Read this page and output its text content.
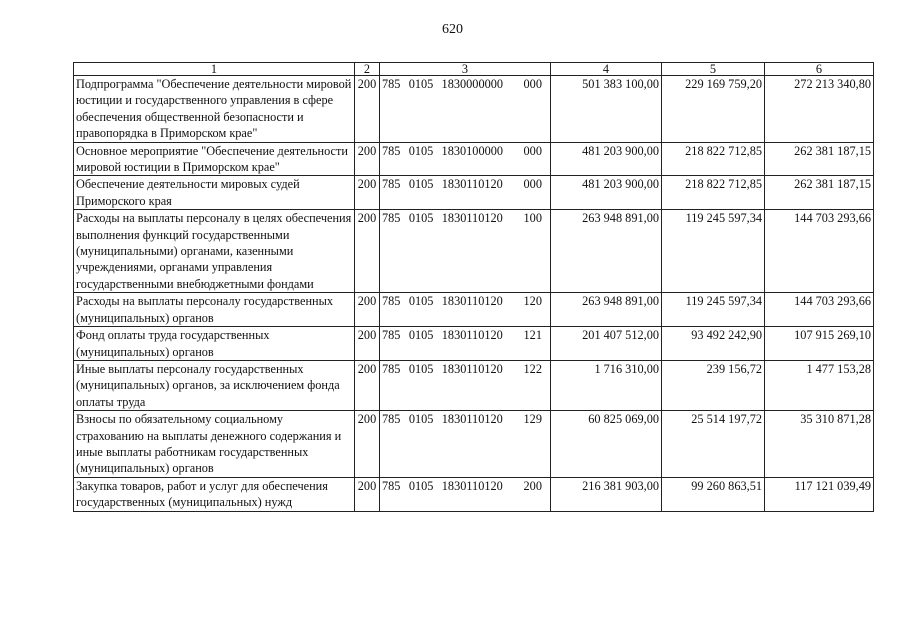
620
1	2	3	4	5	6
Подпрограмма "Обеспечение деятельности мировой юстиции и государственного управления в сфере обеспечения общественной безопасности и правопорядка в Приморском крае"	200	785 0105 1830000000 000	501 383 100,00	229 169 759,20	272 213 340,80
Основное мероприятие "Обеспечение деятельности мировой юстиции в Приморском крае"	200	785 0105 1830100000 000	481 203 900,00	218 822 712,85	262 381 187,15
Обеспечение деятельности мировых судей Приморского края	200	785 0105 1830110120 000	481 203 900,00	218 822 712,85	262 381 187,15
Расходы на выплаты персоналу в целях обеспечения выполнения функций государственными (муниципальными) органами, казенными учреждениями, органами управления государственными внебюджетными фондами	200	785 0105 1830110120 100	263 948 891,00	119 245 597,34	144 703 293,66
Расходы на выплаты персоналу государственных (муниципальных) органов	200	785 0105 1830110120 120	263 948 891,00	119 245 597,34	144 703 293,66
Фонд оплаты труда государственных (муниципальных) органов	200	785 0105 1830110120 121	201 407 512,00	93 492 242,90	107 915 269,10
Иные выплаты персоналу государственных (муниципальных) органов, за исключением фонда оплаты труда	200	785 0105 1830110120 122	1 716 310,00	239 156,72	1 477 153,28
Взносы по обязательному социальному страхованию на выплаты денежного содержания и иные выплаты работникам государственных (муниципальных) органов	200	785 0105 1830110120 129	60 825 069,00	25 514 197,72	35 310 871,28
Закупка товаров, работ и услуг для обеспечения государственных (муниципальных) нужд	200	785 0105 1830110120 200	216 381 903,00	99 260 863,51	117 121 039,49
